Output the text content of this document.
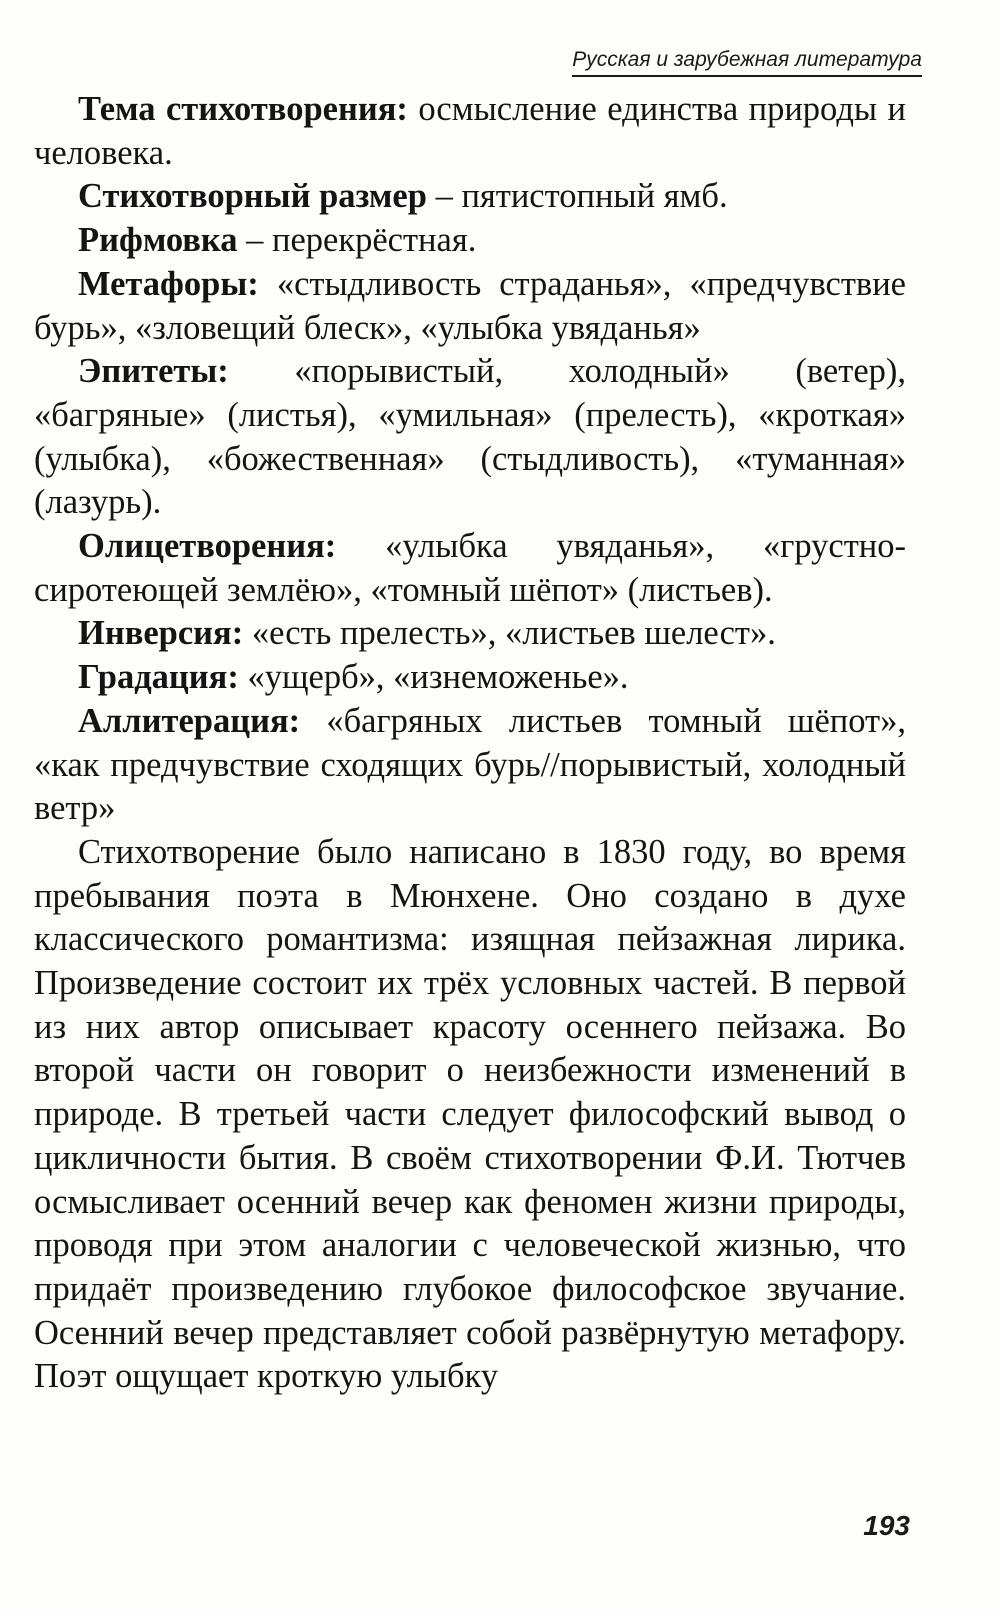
Русская и зарубежная литература

Тема стихотворения: осмысление единства природы и человека.

Стихотворный размер – пятистопный ямб.

Рифмовка – перекрёстная.

Метафоры: «стыдливость страданья», «предчувствие бурь», «зловещий блеск», «улыбка увяданья»

Эпитеты: «порывистый, холодный» (ветер), «багряные» (листья), «умильная» (прелесть), «кроткая» (улыбка), «божественная» (стыдливость), «туманная» (лазурь).

Олицетворения: «улыбка увяданья», «грустно-сиротеющей землёю», «томный шёпот» (листьев).

Инверсия: «есть прелесть», «листьев шелест».

Градация: «ущерб», «изнеможенье».

Аллитерация: «багряных листьев томный шёпот», «как предчувствие сходящих бурь//порывистый, холодный ветр»

Стихотворение было написано в 1830 году, во время пребывания поэта в Мюнхене. Оно создано в духе классического романтизма: изящная пейзажная лирика. Произведение состоит их трёх условных частей. В первой из них автор описывает красоту осеннего пейзажа. Во второй части он говорит о неизбежности изменений в природе. В третьей части следует философский вывод о цикличности бытия. В своём стихотворении Ф.И. Тютчев осмысливает осенний вечер как феномен жизни природы, проводя при этом аналогии с человеческой жизнью, что придаёт произведению глубокое философское звучание. Осенний вечер представляет собой развёрнутую метафору. Поэт ощущает кроткую улыбку

193
